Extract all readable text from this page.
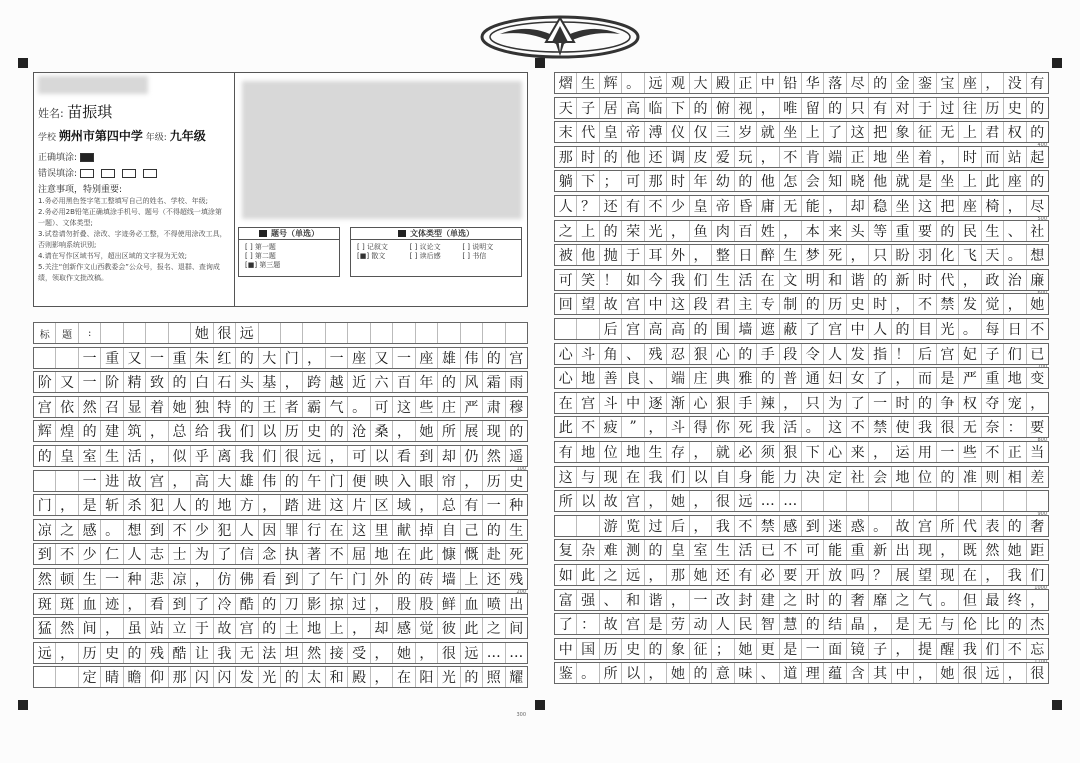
姓名: 苗振琪
学校 朔州市第四中学 年级: 九年级
正确填涂:
错误填涂:
注意事项，特别重要:
1.务必用黑色签字笔工整填写自己的姓名、学校、年级;
2.务必用2B铅笔正确填涂手机号、题号（不得超线一填涂第一题）、文体类型;
3.试卷请勿折叠、涂改、字迹务必工整，不得使用涂改工具，否则影响系统识别;
4.请在写作区域书写，超出区域的文字视为无效;
5.关注“创新作文山西教委会”公众号，报名、退群、查询成绩，领取作文批改稿。
题号（单选）
[ ] 第一题
[ ] 第二题
[■] 第三题
文体类型（单选）
[ ] 记叙文	[ ] 议论文	[ ] 说明文
[■] 散文	[ ] 读后感	[ ] 书信
标	题	:	她 很 远
一 重 又 一 重 朱 红 的 大 门 ， 一 座 又 一 座 雄 伟 的 宫
阶 又 一 阶 精 致 的 白 石 头 基 ， 跨 越 近 六 百 年 的 风 霜 雨
宫 依 然 召 显 着 她 独 特 的 王 者 霸 气 。 可 这 些 庄 严 肃 穆
辉 煌 的 建 筑 ， 总 给 我 们 以 历 史 的 沧 桑 ， 她 所 展 现 的
的 皇 室 生 活 ， 似 乎 离 我 们 很 远 ， 可 以 看 到 却 仍 然 遥
一 进 故 宫 ， 高 大 雄 伟 的 午 门 便 映 入 眼 帘 ， 历 史
门 ， 是 斩 杀 犯 人 的 地 方 ， 踏 进 这 片 区 域 ， 总 有 一 种
凉 之 感 。 想 到 不 少 犯 人 因 罪 行 在 这 里 献 掉 自 己 的 生
到 不 少 仁 人 志 士 为 了 信 念 执 著 不 屈 地 在 此 慷 慨 赴 死
然 顿 生 一 种 悲 凉 ， 仿 佛 看 到 了 午 门 外 的 砖 墙 上 还 残
斑 斑 血 迹 ， 看 到 了 冷 酷 的 刀 影 掠 过 ， 股 股 鲜 血 喷 出
猛 然 间 ， 虽 站 立 于 故 宫 的 土 地 上 ， 却 感 觉 彼 此 之 间
远 ， 历 史 的 残 酷 让 我 无 法 坦 然 接 受 ， 她 ， 很 远 … …
定 睛 瞻 仰 那 闪 闪 发 光 的 太 和 殿 ， 在 阳 光 的 照 耀
100
200
300
熠 生 辉 。 远 观 大 殿 正 中 铅 华 落 尽 的 金 銮 宝 座 ， 没 有
天 子 居 高 临 下 的 俯 视 ， 唯 留 的 只 有 对 于 过 往 历 史 的
末 代 皇 帝 溥 仪 仅 三 岁 就 坐 上 了 这 把 象 征 无 上 君 权 的
那 时 的 他 还 调 皮 爱 玩 ， 不 肯 端 正 地 坐 着 ， 时 而 站 起
躺 下 ； 可 那 时 年 幼 的 他 怎 会 知 晓 他 就 是 坐 上 此 座 的
人 ？ 还 有 不 少 皇 帝 昏 庸 无 能 ， 却 稳 坐 这 把 座 椅 ， 尽
之 上 的 荣 光 ， 鱼 肉 百 姓 ， 本 来 头 等 重 要 的 民 生 、 社
被 他 抛 于 耳 外 ， 整 日 醉 生 梦 死 ， 只 盼 羽 化 飞 天 。 想
可 笑 ！ 如 今 我 们 生 活 在 文 明 和 谐 的 新 时 代 ， 政 治 廉
回 望 故 宫 中 这 段 君 主 专 制 的 历 史 时 ， 不 禁 发 觉 ， 她
后 宫 高 高 的 围 墙 遮 蔽 了 宫 中 人 的 目 光 。 每 日 不
心 斗 角 、 残 忍 狠 心 的 手 段 令 人 发 指 ！ 后 宫 妃 子 们 已
心 地 善 良 、 端 庄 典 雅 的 普 通 妇 女 了 ， 而 是 严 重 地 变
在 宫 斗 中 逐 渐 心 狠 手 辣 ， 只 为 了 一 时 的 争 权 夺 宠 ，
此 不 疲 ” ， 斗 得 你 死 我 活 。 这 不 禁 使 我 很 无 奈 ： 要
有 地 位 地 生 存 ， 就 必 须 狠 下 心 来 ， 运 用 一 些 不 正 当
这 与 现 在 我 们 以 自 身 能 力 决 定 社 会 地 位 的 准 则 相 差
所 以 故 宫 ， 她 ， 很 远 … …
游 览 过 后 ， 我 不 禁 感 到 迷 惑 。 故 宫 所 代 表 的 奢
复 杂 难 测 的 皇 室 生 活 已 不 可 能 重 新 出 现 ， 既 然 她 距
如 此 之 远 ， 那 她 还 有 必 要 开 放 吗 ？ 展 望 现 在 ， 我 们
富 强 、 和 谐 ， 一 改 封 建 之 时 的 奢 靡 之 气 。 但 最 终 ，
了 ： 故 宫 是 劳 动 人 民 智 慧 的 结 晶 ， 是 无 与 伦 比 的 杰
中 国 历 史 的 象 征 ； 她 更 是 一 面 镜 子 ， 提 醒 我 们 不 忘
鉴 。 所 以 ， 她 的 意 味 、 道 理 蕴 含 其 中 ， 她 很 远 ， 很
400
500
600
700
800
900
1000
1100
